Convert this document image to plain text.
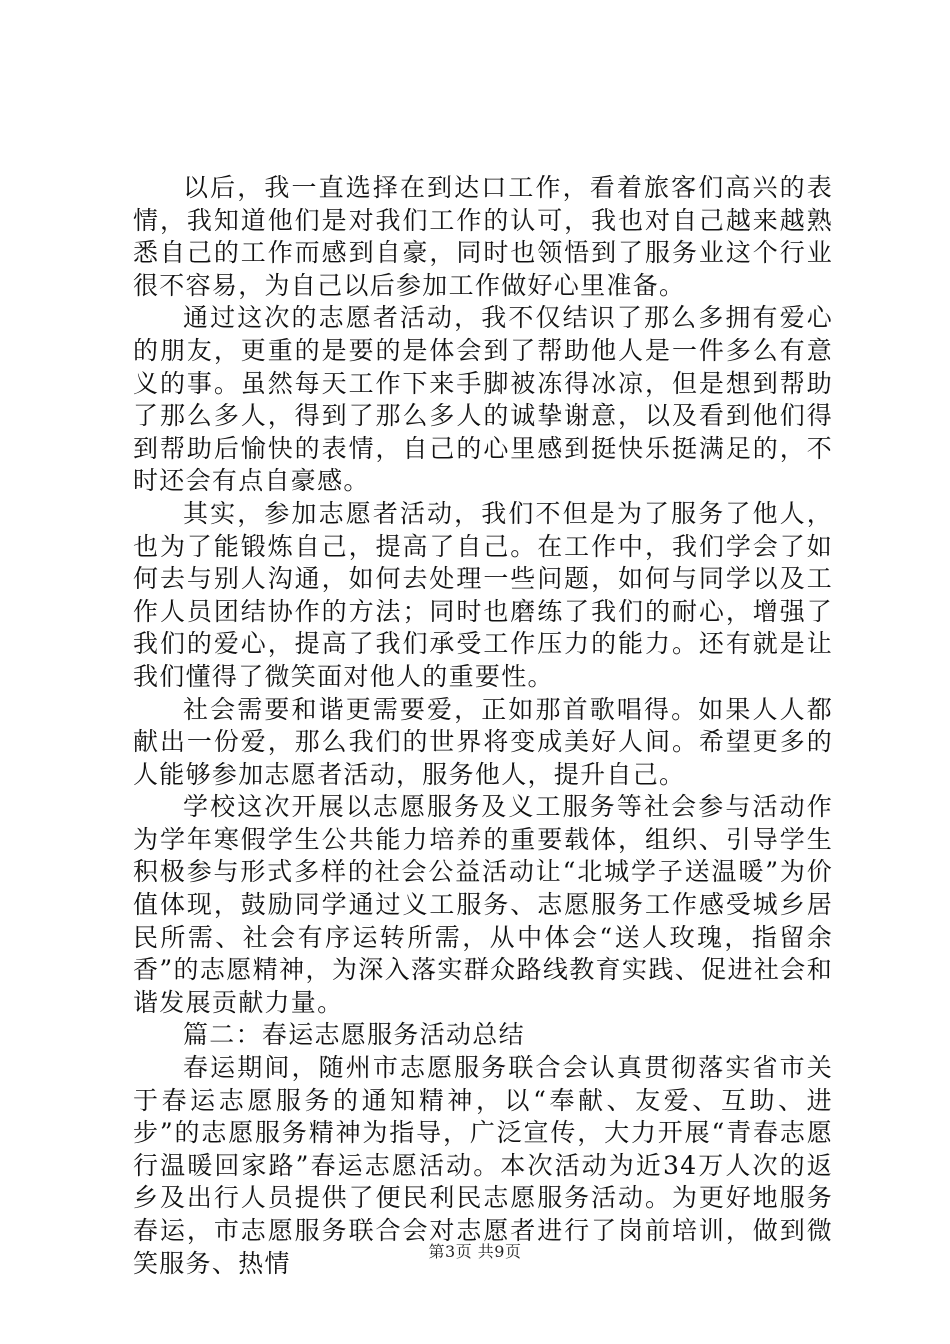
以后，我一直选择在到达口工作，看着旅客们高兴的表情，我知道他们是对我们工作的认可，我也对自己越来越熟悉自己的工作而感到自豪，同时也领悟到了服务业这个行业很不容易，为自己以后参加工作做好心里准备。

通过这次的志愿者活动，我不仅结识了那么多拥有爱心的朋友，更重的是要的是体会到了帮助他人是一件多么有意义的事。虽然每天工作下来手脚被冻得冰凉，但是想到帮助了那么多人，得到了那么多人的诚挚谢意，以及看到他们得到帮助后愉快的表情，自己的心里感到挺快乐挺满足的，不时还会有点自豪感。

其实，参加志愿者活动，我们不但是为了服务了他人，也为了能锻炼自己，提高了自己。在工作中，我们学会了如何去与别人沟通，如何去处理一些问题，如何与同学以及工作人员团结协作的方法；同时也磨练了我们的耐心，增强了我们的爱心，提高了我们承受工作压力的能力。还有就是让我们懂得了微笑面对他人的重要性。

社会需要和谐更需要爱，正如那首歌唱得。如果人人都献出一份爱，那么我们的世界将变成美好人间。希望更多的人能够参加志愿者活动，服务他人，提升自己。

学校这次开展以志愿服务及义工服务等社会参与活动作为学年寒假学生公共能力培养的重要载体，组织、引导学生积极参与形式多样的社会公益活动让“北城学子送温暖”为价值体现，鼓励同学通过义工服务、志愿服务工作感受城乡居民所需、社会有序运转所需，从中体会“送人玫瑰，指留余香”的志愿精神，为深入落实群众路线教育实践、促进社会和谐发展贡献力量。

篇二：春运志愿服务活动总结

春运期间，随州市志愿服务联合会认真贯彻落实省市关于春运志愿服务的通知精神，以“奉献、友爱、互助、进步”的志愿服务精神为指导，广泛宣传，大力开展“青春志愿行温暖回家路”春运志愿活动。本次活动为近34万人次的返乡及出行人员提供了便民利民志愿服务活动。为更好地服务春运，市志愿服务联合会对志愿者进行了岗前培训，做到微笑服务、热情	第3页 共9页
